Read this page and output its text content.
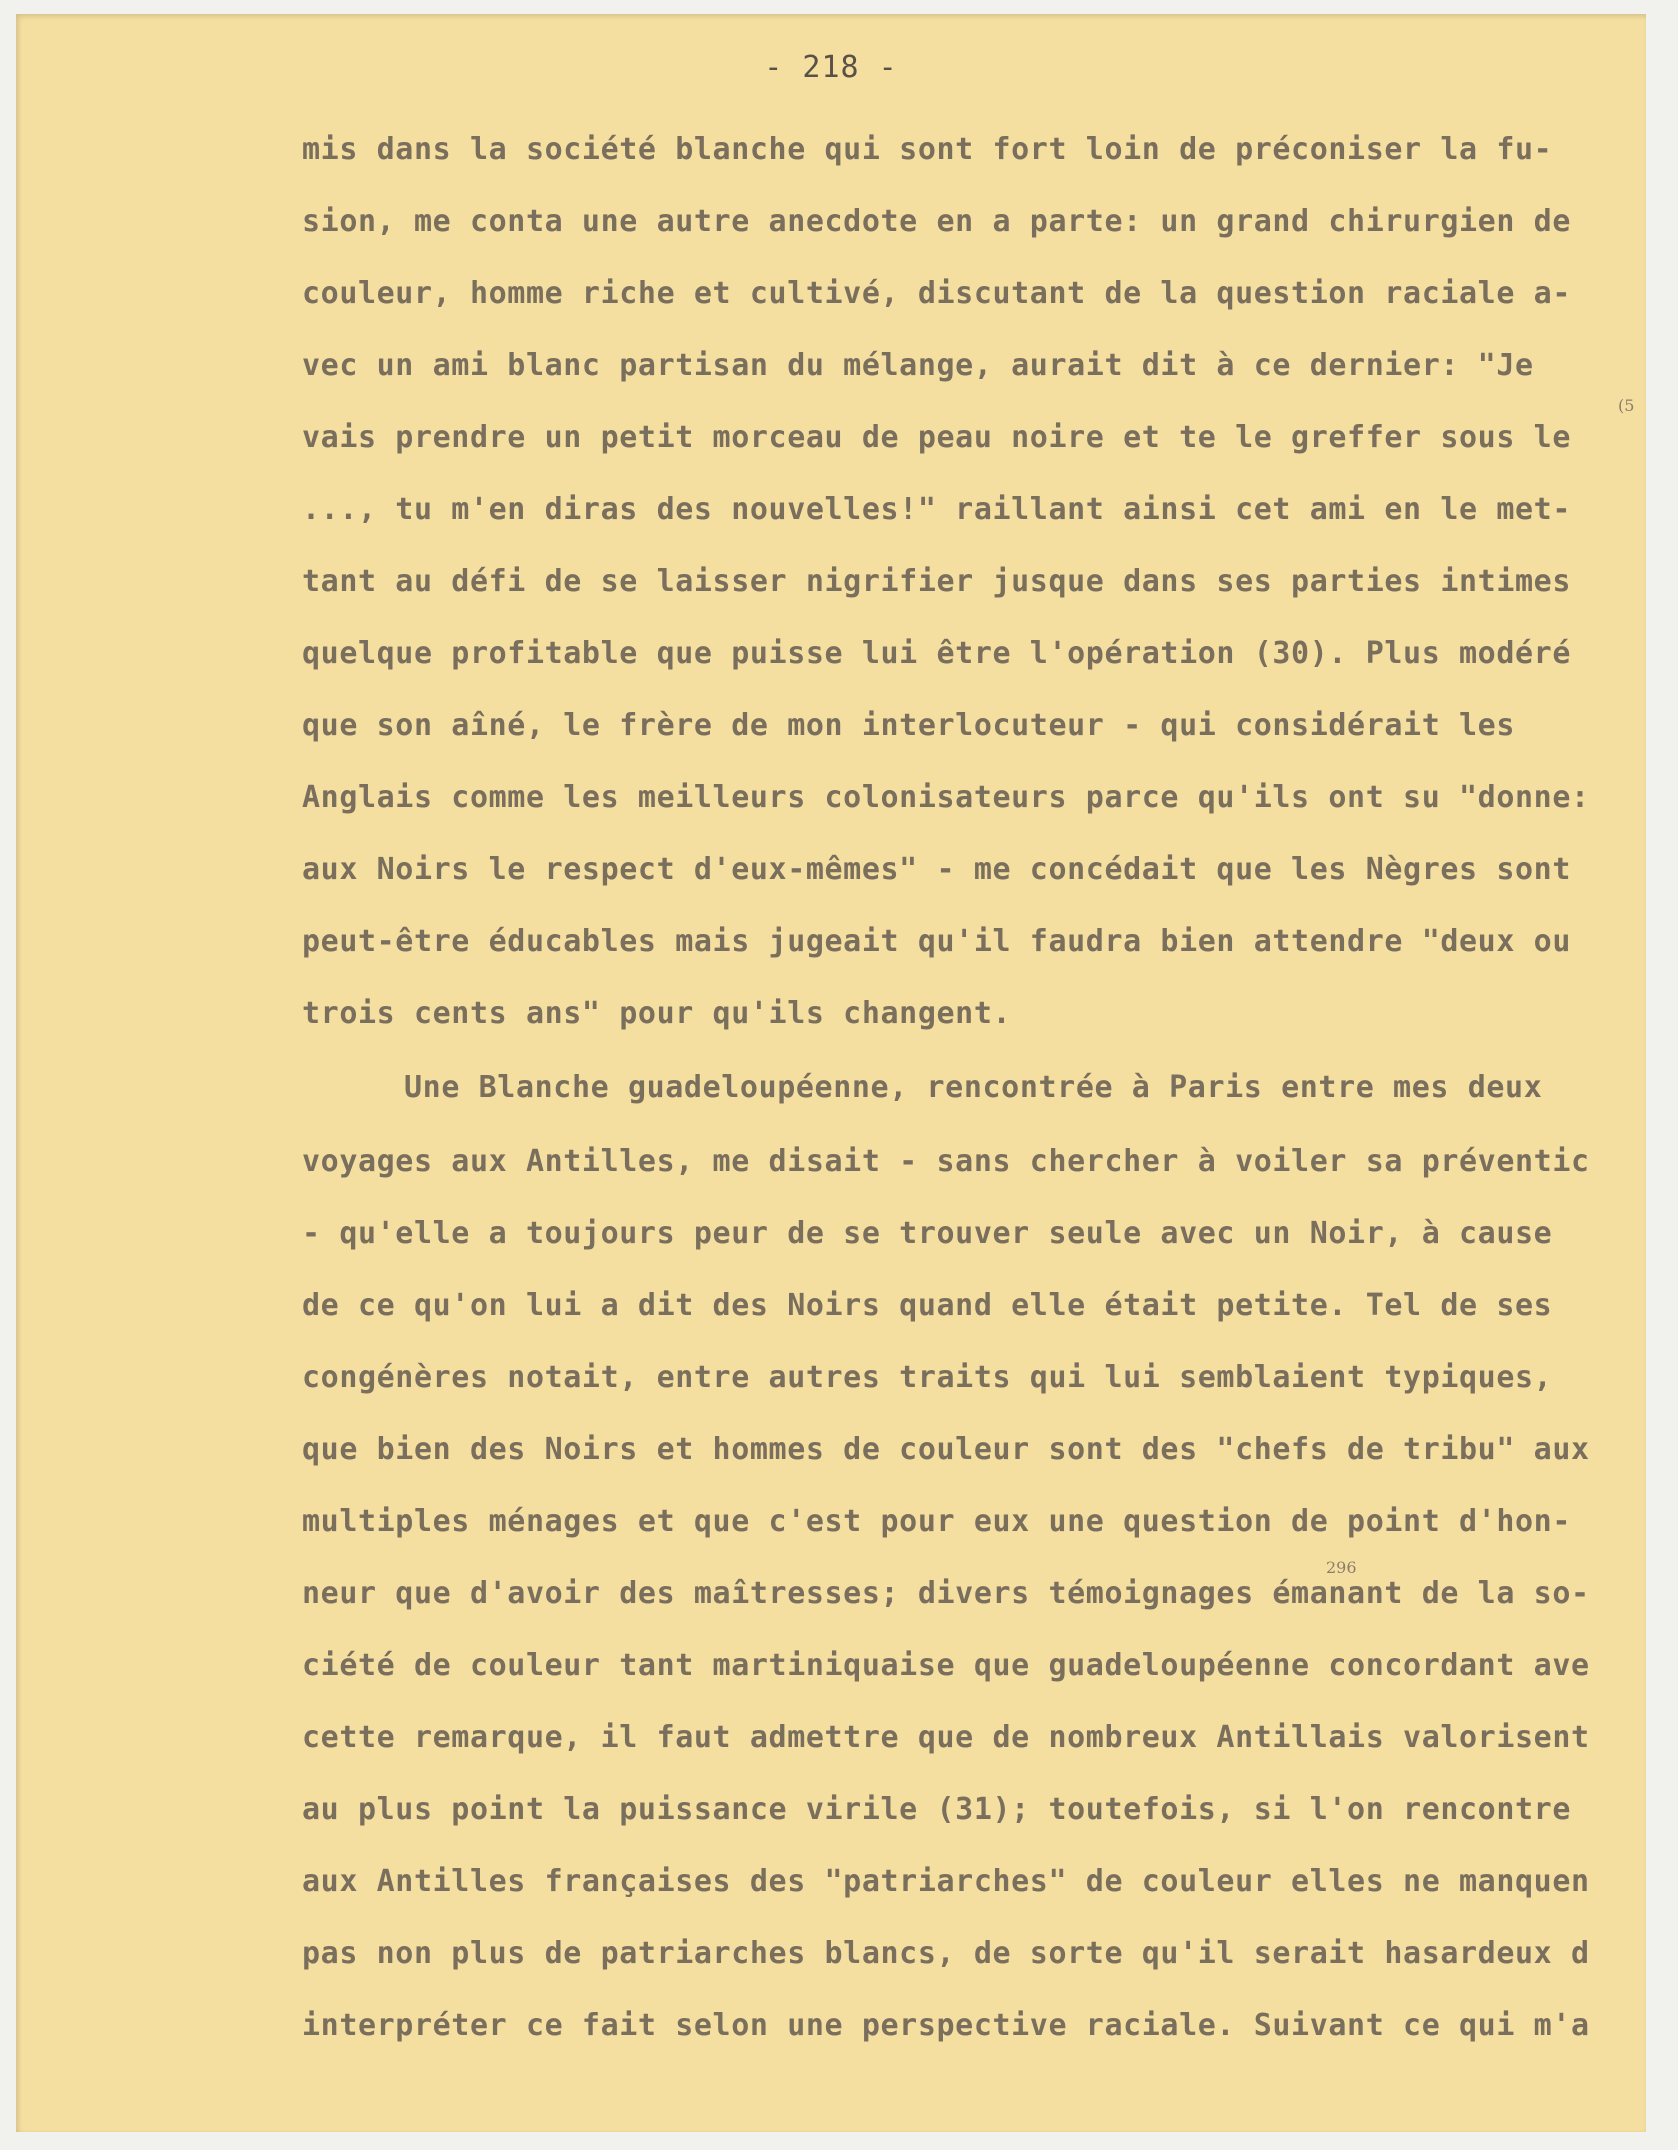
- 218 -
(5
296
mis dans la société blanche qui sont fort loin de préconiser la fu-
sion, me conta une autre anecdote en a parte: un grand chirurgien de
couleur, homme riche et cultivé, discutant de la question raciale a-
vec un ami blanc partisan du mélange, aurait dit à ce dernier: "Je
vais prendre un petit morceau de peau noire et te le greffer sous le
..., tu m'en diras des nouvelles!" raillant ainsi cet ami en le met-
tant au défi de se laisser nigrifier jusque dans ses parties intimes
quelque profitable que puisse lui être l'opération (30). Plus modéré
que son aîné, le frère de mon interlocuteur - qui considérait les
Anglais comme les meilleurs colonisateurs parce qu'ils ont su "donne:
aux Noirs le respect d'eux-mêmes" - me concédait que les Nègres sont
peut-être éducables mais jugeait qu'il faudra bien attendre "deux ou
trois cents ans" pour qu'ils changent.
Une Blanche guadeloupéenne, rencontrée à Paris entre mes deux
voyages aux Antilles, me disait - sans chercher à voiler sa préventic
- qu'elle a toujours peur de se trouver seule avec un Noir, à cause
de ce qu'on lui a dit des Noirs quand elle était petite. Tel de ses
congénères notait, entre autres traits qui lui semblaient typiques,
que bien des Noirs et hommes de couleur sont des "chefs de tribu" aux
multiples ménages et que c'est pour eux une question de point d'hon-
neur que d'avoir des maîtresses; divers témoignages émanant de la so-
ciété de couleur tant martiniquaise que guadeloupéenne concordant ave
cette remarque, il faut admettre que de nombreux Antillais valorisent
au plus point la puissance virile (31); toutefois, si l'on rencontre
aux Antilles françaises des "patriarches" de couleur elles ne manquen
pas non plus de patriarches blancs, de sorte qu'il serait hasardeux d
interpréter ce fait selon une perspective raciale. Suivant ce qui m'a
